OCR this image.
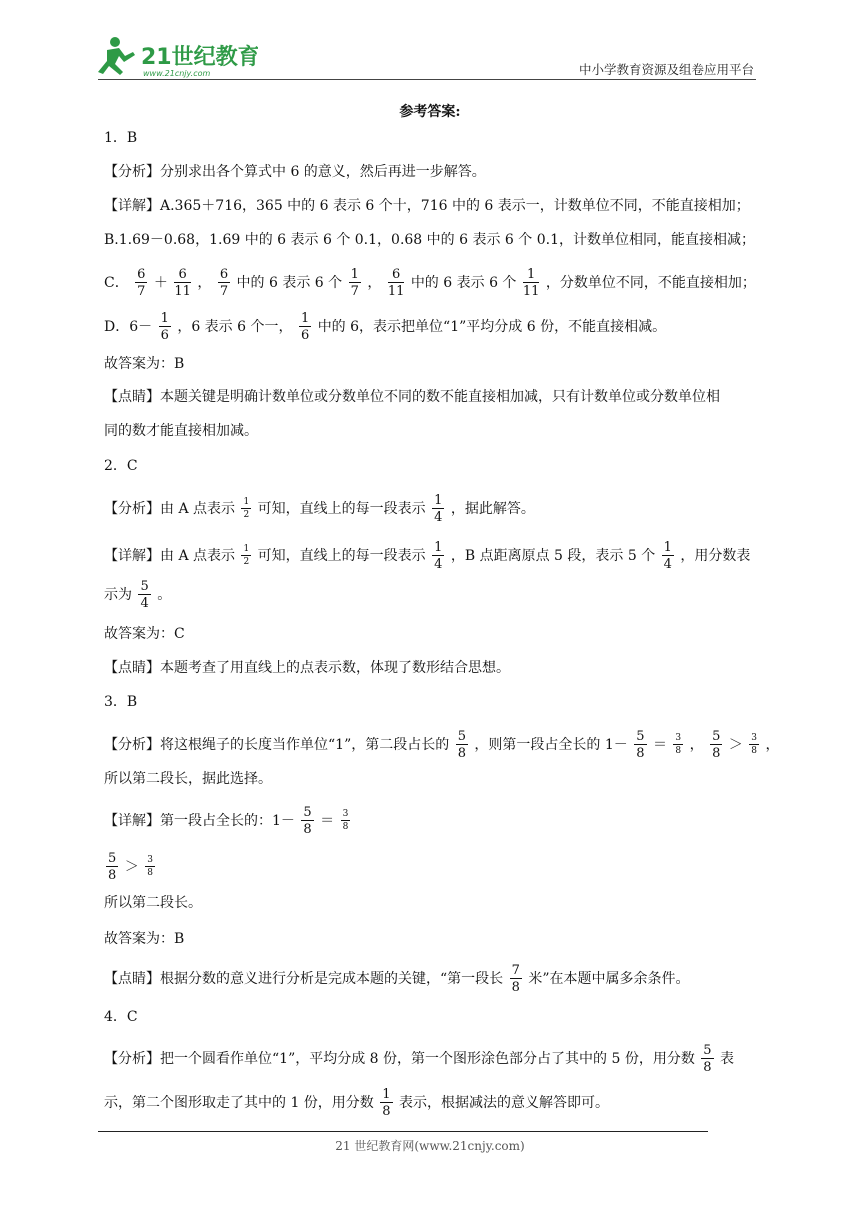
21世纪教育
www.21cnjy.com	中小学教育资源及组卷应用平台
参考答案:
1．B
【分析】分别求出各个算式中 6 的意义，然后再进一步解答。
【详解】A.365＋716，365 中的 6 表示 6 个十，716 中的 6 表示一，计数单位不同，不能直接相加；
B.1.69－0.68，1.69 中的 6 表示 6 个 0.1，0.68 中的 6 表示 6 个 0.1，计数单位相同，能直接相减；
C． $\frac{6}{7} + \frac{6}{11}$ ， $\frac{6}{7}$ 中的 6 表示 6 个 $\frac{1}{7}$ ， $\frac{6}{11}$ 中的 6 表示 6 个 $\frac{1}{11}$ ，分数单位不同，不能直接相加；
D．$6- \frac{1}{6}$ ，6 表示 6 个一， $\frac{1}{6}$ 中的 6，表示把单位“1”平均分成 6 份，不能直接相减。
故答案为：B
【点睛】本题关键是明确计数单位或分数单位不同的数不能直接相加减，只有计数单位或分数单位相
同的数才能直接相加减。
2．C
【分析】由 A 点表示 $\frac{1}{2}$ 可知，直线上的每一段表示 $\frac{1}{4}$ ，据此解答。
【详解】由 A 点表示 $\frac{1}{2}$ 可知，直线上的每一段表示 $\frac{1}{4}$ ，B 点距离原点 5 段，表示 5 个 $\frac{1}{4}$ ，用分数表
示为 $\frac{5}{4}$ 。
故答案为：C
【点睛】本题考查了用直线上的点表示数，体现了数形结合思想。
3．B
【分析】将这根绳子的长度当作单位“1”，第二段占长的 $\frac{5}{8}$ ，则第一段占全长的 $1- \frac{5}{8} = \frac{3}{8}$ ， $\frac{5}{8} > \frac{3}{8}$ ，
所以第二段长，据此选择。
【详解】第一段占全长的：$1- \frac{5}{8} = \frac{3}{8}$
$\frac{5}{8} > \frac{3}{8}$
所以第二段长。
故答案为：B
【点睛】根据分数的意义进行分析是完成本题的关键，“第一段长 $\frac{7}{8}$ 米”在本题中属多余条件。
4．C
【分析】把一个圆看作单位“1”，平均分成 8 份，第一个图形涂色部分占了其中的 5 份，用分数 $\frac{5}{8}$ 表
示，第二个图形取走了其中的 1 份，用分数 $\frac{1}{8}$ 表示，根据减法的意义解答即可。
21 世纪教育网(www.21cnjy.com)
